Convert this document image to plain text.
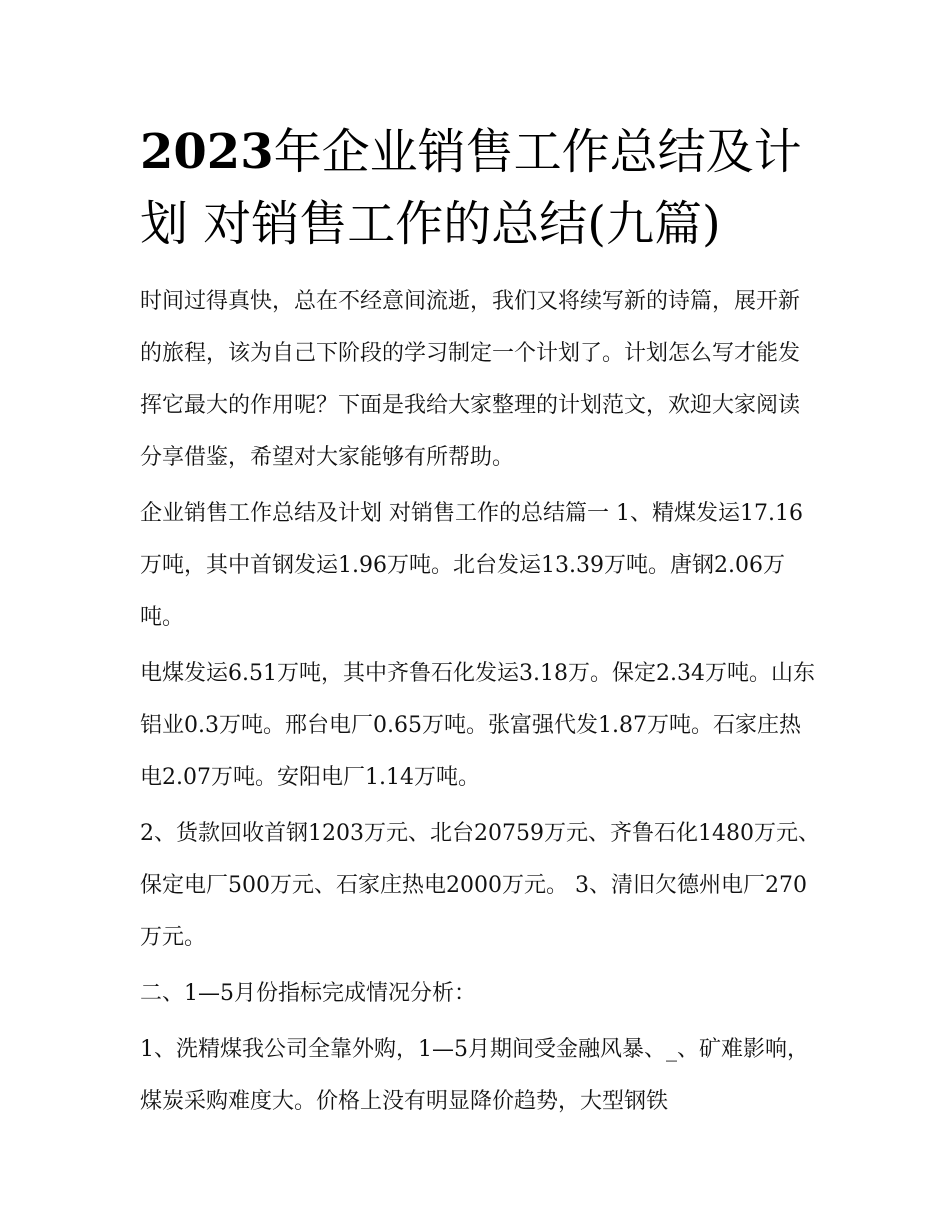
2023年企业销售工作总结及计划 对销售工作的总结(九篇)

时间过得真快，总在不经意间流逝，我们又将续写新的诗篇，展开新的旅程，该为自己下阶段的学习制定一个计划了。计划怎么写才能发挥它最大的作用呢？下面是我给大家整理的计划范文，欢迎大家阅读分享借鉴，希望对大家能够有所帮助。

企业销售工作总结及计划 对销售工作的总结篇一 1、精煤发运17.16万吨，其中首钢发运1.96万吨。北台发运13.39万吨。唐钢2.06万吨。

电煤发运6.51万吨，其中齐鲁石化发运3.18万。保定2.34万吨。山东铝业0.3万吨。邢台电厂0.65万吨。张富强代发1.87万吨。石家庄热电2.07万吨。安阳电厂1.14万吨。

2、货款回收首钢1203万元、北台20759万元、齐鲁石化1480万元、保定电厂500万元、石家庄热电2000万元。 3、清旧欠德州电厂270万元。

二、1—5月份指标完成情况分析：

1、洗精煤我公司全靠外购，1—5月期间受金融风暴、_、矿难影响，煤炭采购难度大。价格上没有明显降价趋势，大型钢铁
